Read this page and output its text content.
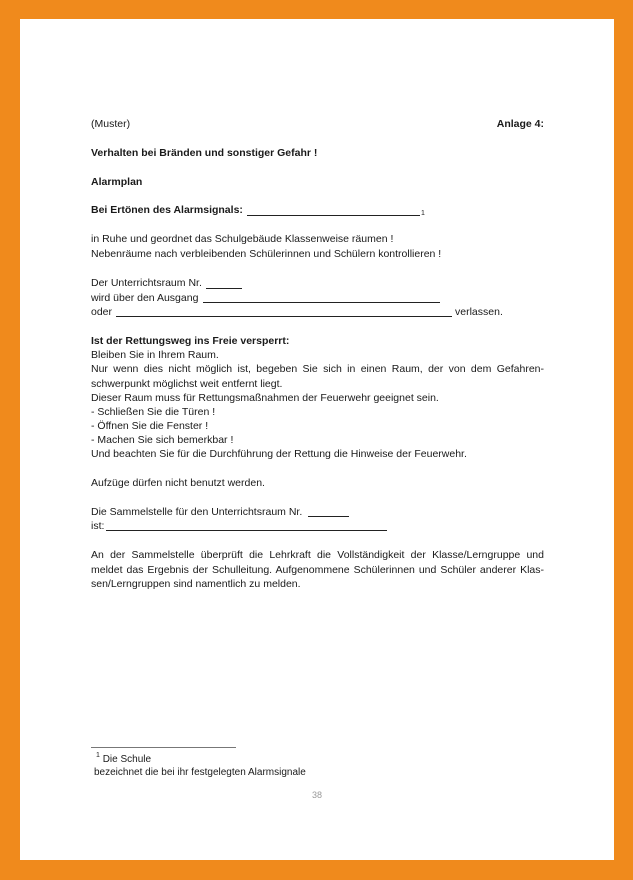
(Muster)	Anlage 4:
Verhalten bei Bränden und sonstiger Gefahr !
Alarmplan
Bei Ertönen des Alarmsignals:	1
in Ruhe und geordnet das Schulgebäude Klassenweise räumen !
Nebenräume nach verbleibenden Schülerinnen und Schülern kontrollieren !
Der Unterrichtsraum Nr.
wird über den Ausgang
oder	verlassen.
Ist der Rettungsweg ins Freie versperrt:
Bleiben Sie in Ihrem Raum.
Nur wenn dies nicht möglich ist, begeben Sie sich in einen Raum, der von dem Gefahren-schwerpunkt möglichst weit entfernt liegt.
Dieser Raum muss für Rettungsmaßnahmen der Feuerwehr geeignet sein.
- Schließen Sie die Türen !
- Öffnen Sie die Fenster !
- Machen Sie sich bemerkbar !
Und beachten Sie für die Durchführung der Rettung die Hinweise der Feuerwehr.
Aufzüge dürfen nicht benutzt werden.
Die Sammelstelle für den Unterrichtsraum Nr.
ist:
An der Sammelstelle überprüft die Lehrkraft die Vollständigkeit der Klasse/Lerngruppe und meldet das Ergebnis der Schulleitung. Aufgenommene Schülerinnen und Schüler anderer Klas-sen/Lerngruppen sind namentlich zu melden.
$^1$ Die Schule
bezeichnet die bei ihr festgelegten Alarmsignale
38
